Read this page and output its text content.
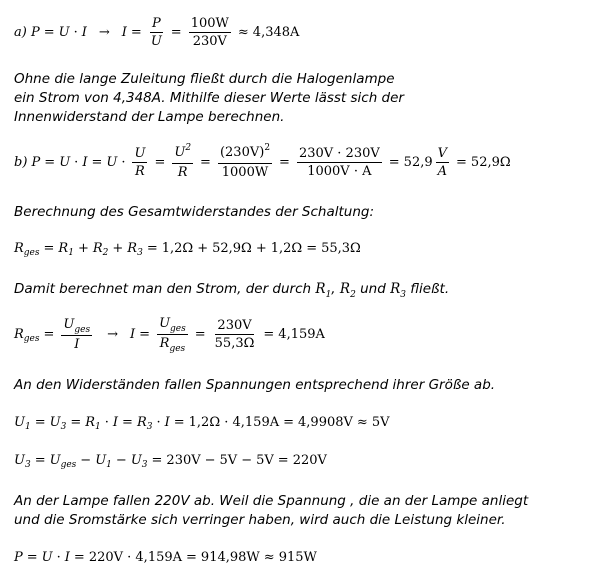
a)
$P = U \cdot I \to I = \frac{P}{U} = \frac{100W}{230V} \approx 4,348A$
Ohne die lange Zuleitung fließt durch die Halogenlampe
ein Strom von 4,348A. Mithilfe dieser Werte lässt sich der
Innenwiderstand der Lampe berechnen.
b)
$P = U \cdot I = U \cdot \frac{U}{R} = \frac{U^2}{R} = \frac{(230V)^2}{1000W} = \frac{230V \cdot 230V}{1000V \cdot A} = 52,9 \frac{V}{A} = 52,9\Omega$
Berechnung des Gesamtwiderstandes der Schaltung:
R ges = R 1 + R 2 + R 3 = 1,2Ω + 52,9Ω + 1,2Ω = 55,3Ω
Damit berechnet man den Strom, der durch $R_1$, $R_2$ und $R_3$ fließt.
R ges =
$U_{ges}$
I
→ I =
$U_{ges}$
$R_{ges}$
= $\frac{230V}{55,3\Omega} = 4,159A$
An den Widerständen fallen Spannungen entsprechend ihrer Größe ab.
U 1 = U 3 = R 1 · I = R 3 · I = 1,2Ω · 4,159A = 4,9908V ≈ 5V
U 3 = U ges − U 1 − U 3 = 230V − 5V − 5V = 220V
An der Lampe fallen 220V ab. Weil die Spannung , die an der Lampe anliegt
und die Sromstärke sich verringer haben, wird auch die Leistung kleiner.
P = U · I = 220V · 4,159A = 914,98W ≈ 915W
